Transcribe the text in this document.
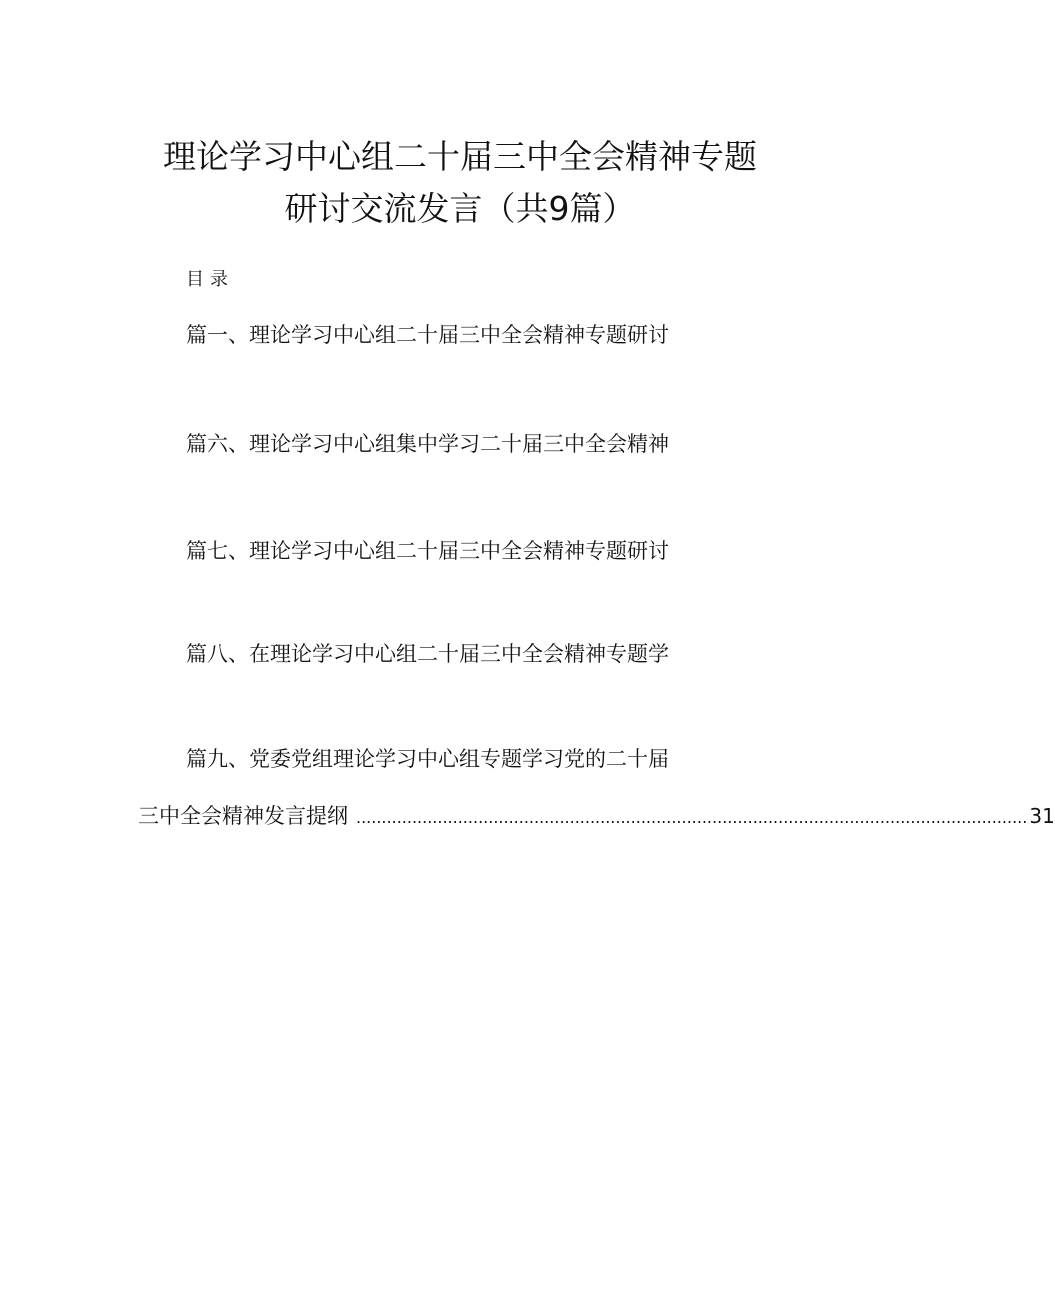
理论学习中心组二十届三中全会精神专题
研讨交流发言（共9篇）
目录
篇一、理论学习中心组二十届三中全会精神专题研讨
篇六、理论学习中心组集中学习二十届三中全会精神
篇七、理论学习中心组二十届三中全会精神专题研讨
篇八、在理论学习中心组二十届三中全会精神专题学
篇九、党委党组理论学习中心组专题学习党的二十届
三中全会精神发言提纲 .................................................................................................................................... 31
